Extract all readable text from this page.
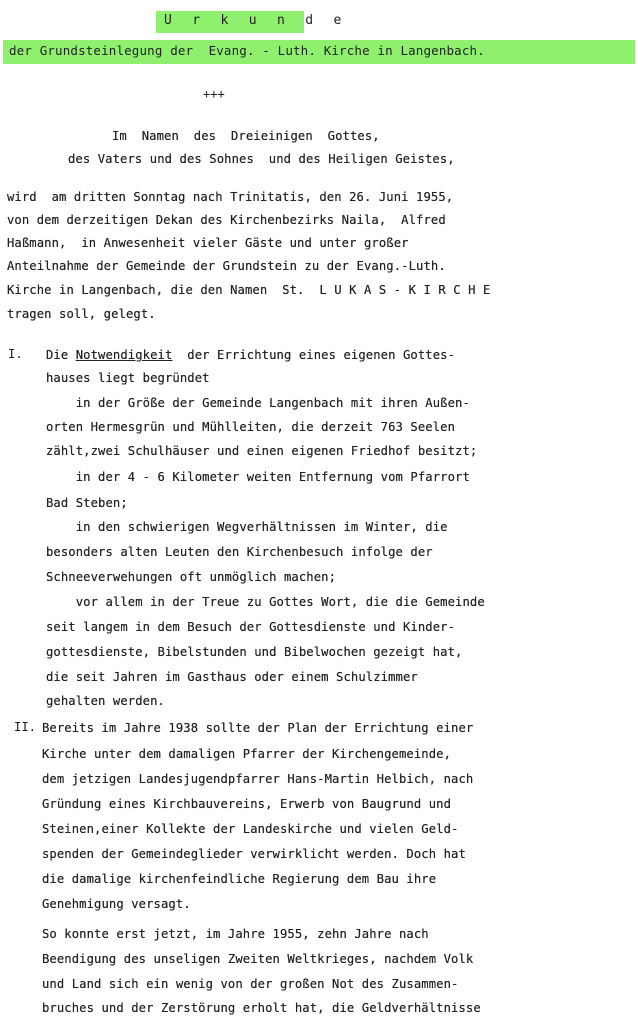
U r k u n d e
der Grundsteinlegung der  Evang. - Luth. Kirche in Langenbach.
+++
Im  Namen  des  Dreieinigen  Gottes,
des Vaters und des Sohnes  und des Heiligen Geistes,
wird  am dritten Sonntag nach Trinitatis, den 26. Juni 1955,
von dem derzeitigen Dekan des Kirchenbezirks Naila,  Alfred
Haßmann,  in Anwesenheit vieler Gäste und unter großer
Anteilnahme der Gemeinde der Grundstein zu der Evang.-Luth.
Kirche in Langenbach, die den Namen  St.  L U K A S - K I R C H E
tragen soll, gelegt.
I. Die Notwendigkeit  der Errichtung eines eigenen Gottes-
hauses liegt begründet
in der Größe der Gemeinde Langenbach mit ihren Außen-
orten Hermesgrün und Mühlleiten, die derzeit 763 Seelen
zählt,zwei Schulhäuser und einen eigenen Friedhof besitzt;
in der 4 - 6 Kilometer weiten Entfernung vom Pfarrort
Bad Steben;
in den schwierigen Wegverhältnissen im Winter, die
besonders alten Leuten den Kirchenbesuch infolge der
Schneeverwehungen oft unmöglich machen;
vor allem in der Treue zu Gottes Wort, die die Gemeinde
seit langem in dem Besuch der Gottesdienste und Kinder-
gottesdienste, Bibelstunden und Bibelwochen gezeigt hat,
die seit Jahren im Gasthaus oder einem Schulzimmer
gehalten werden.
II. Bereits im Jahre 1938 sollte der Plan der Errichtung einer
Kirche unter dem damaligen Pfarrer der Kirchengemeinde,
dem jetzigen Landesjugendpfarrer Hans-Martin Helbich, nach
Gründung eines Kirchbauvereins, Erwerb von Baugrund und
Steinen,einer Kollekte der Landeskirche und vielen Geld-
spenden der Gemeindeglieder verwirklicht werden. Doch hat
die damalige kirchenfeindliche Regierung dem Bau ihre
Genehmigung versagt.
So konnte erst jetzt, im Jahre 1955, zehn Jahre nach
Beendigung des unseligen Zweiten Weltkrieges, nachdem Volk
und Land sich ein wenig von der großen Not des Zusammen-
bruches und der Zerstörung erholt hat, die Geldverhältnisse
